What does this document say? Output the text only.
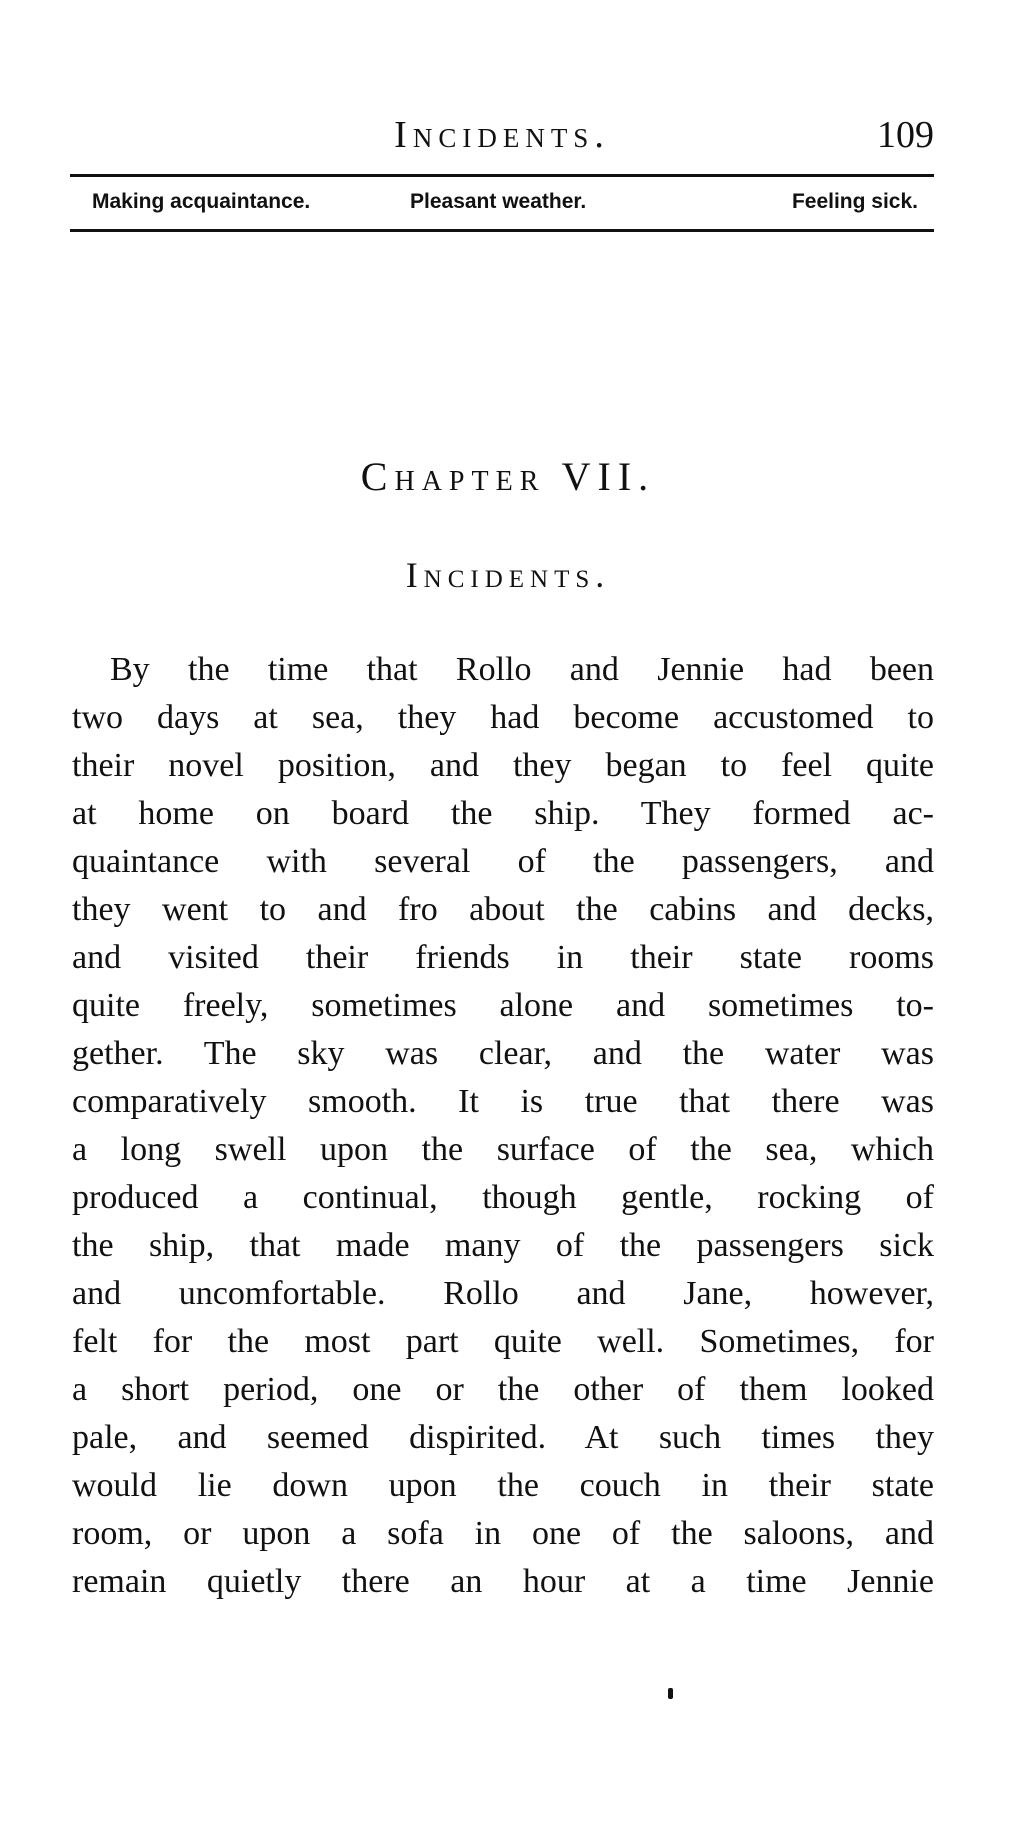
Incidents.	109
Making acquaintance.	Pleasant weather.	Feeling sick.
Chapter VII.
Incidents.
By the time that Rollo and Jennie had been
two days at sea, they had become accustomed to
their novel position, and they began to feel quite
at home on board the ship. They formed ac-
quaintance with several of the passengers, and
they went to and fro about the cabins and decks,
and visited their friends in their state rooms
quite freely, sometimes alone and sometimes to-
gether. The sky was clear, and the water was
comparatively smooth. It is true that there was
a long swell upon the surface of the sea, which
produced a continual, though gentle, rocking of
the ship, that made many of the passengers sick
and uncomfortable. Rollo and Jane, however,
felt for the most part quite well. Sometimes, for
a short period, one or the other of them looked
pale, and seemed dispirited. At such times they
would lie down upon the couch in their state
room, or upon a sofa in one of the saloons, and
remain quietly there an hour at a time Jennie
